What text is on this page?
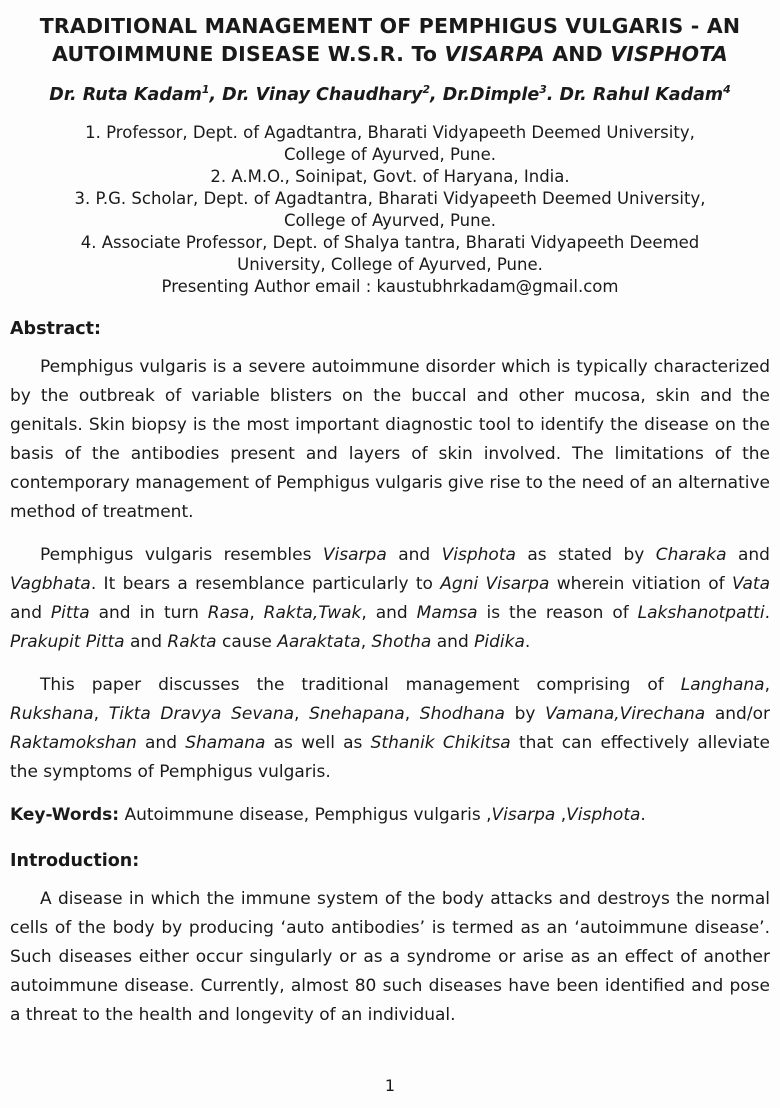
TRADITIONAL MANAGEMENT OF PEMPHIGUS VULGARIS - AN
AUTOIMMUNE DISEASE W.S.R. To VISARPA AND VISPHOTA
Dr. Ruta Kadam$^1$, Dr. Vinay Chaudhary$^2$, Dr.Dimple$^3$. Dr. Rahul Kadam$^4$
1. Professor, Dept. of Agadtantra, Bharati Vidyapeeth Deemed University,
College of Ayurved, Pune.
2. A.M.O., Soinipat, Govt. of Haryana, India.
3. P.G. Scholar, Dept. of Agadtantra, Bharati Vidyapeeth Deemed University,
College of Ayurved, Pune.
4. Associate Professor, Dept. of Shalya tantra, Bharati Vidyapeeth Deemed
University, College of Ayurved, Pune.
Presenting Author email : kaustubhrkadam@gmail.com
Abstract:

Pemphigus vulgaris is a severe autoimmune disorder which is typically characterized by the outbreak of variable blisters on the buccal and other mucosa, skin and the genitals. Skin biopsy is the most important diagnostic tool to identify the disease on the basis of the antibodies present and layers of skin involved. The limitations of the contemporary management of Pemphigus vulgaris give rise to the need of an alternative method of treatment.

Pemphigus vulgaris resembles Visarpa and Visphota as stated by Charaka and Vagbhata. It bears a resemblance particularly to Agni Visarpa wherein vitiation of Vata and Pitta and in turn Rasa, Rakta,Twak, and Mamsa is the reason of Lakshanotpatti. Prakupit Pitta and Rakta cause Aaraktata, Shotha and Pidika.

This paper discusses the traditional management comprising of Langhana, Rukshana, Tikta Dravya Sevana, Snehapana, Shodhana by Vamana,Virechana and/or Raktamokshan and Shamana as well as Sthanik Chikitsa that can effectively alleviate the symptoms of Pemphigus vulgaris.

Key-Words: Autoimmune disease, Pemphigus vulgaris ,Visarpa ,Visphota.

Introduction:

A disease in which the immune system of the body attacks and destroys the normal cells of the body by producing ‘auto antibodies’ is termed as an ‘autoimmune disease’. Such diseases either occur singularly or as a syndrome or arise as an effect of another autoimmune disease. Currently, almost 80 such diseases have been identified and pose a threat to the health and longevity of an individual.

1
